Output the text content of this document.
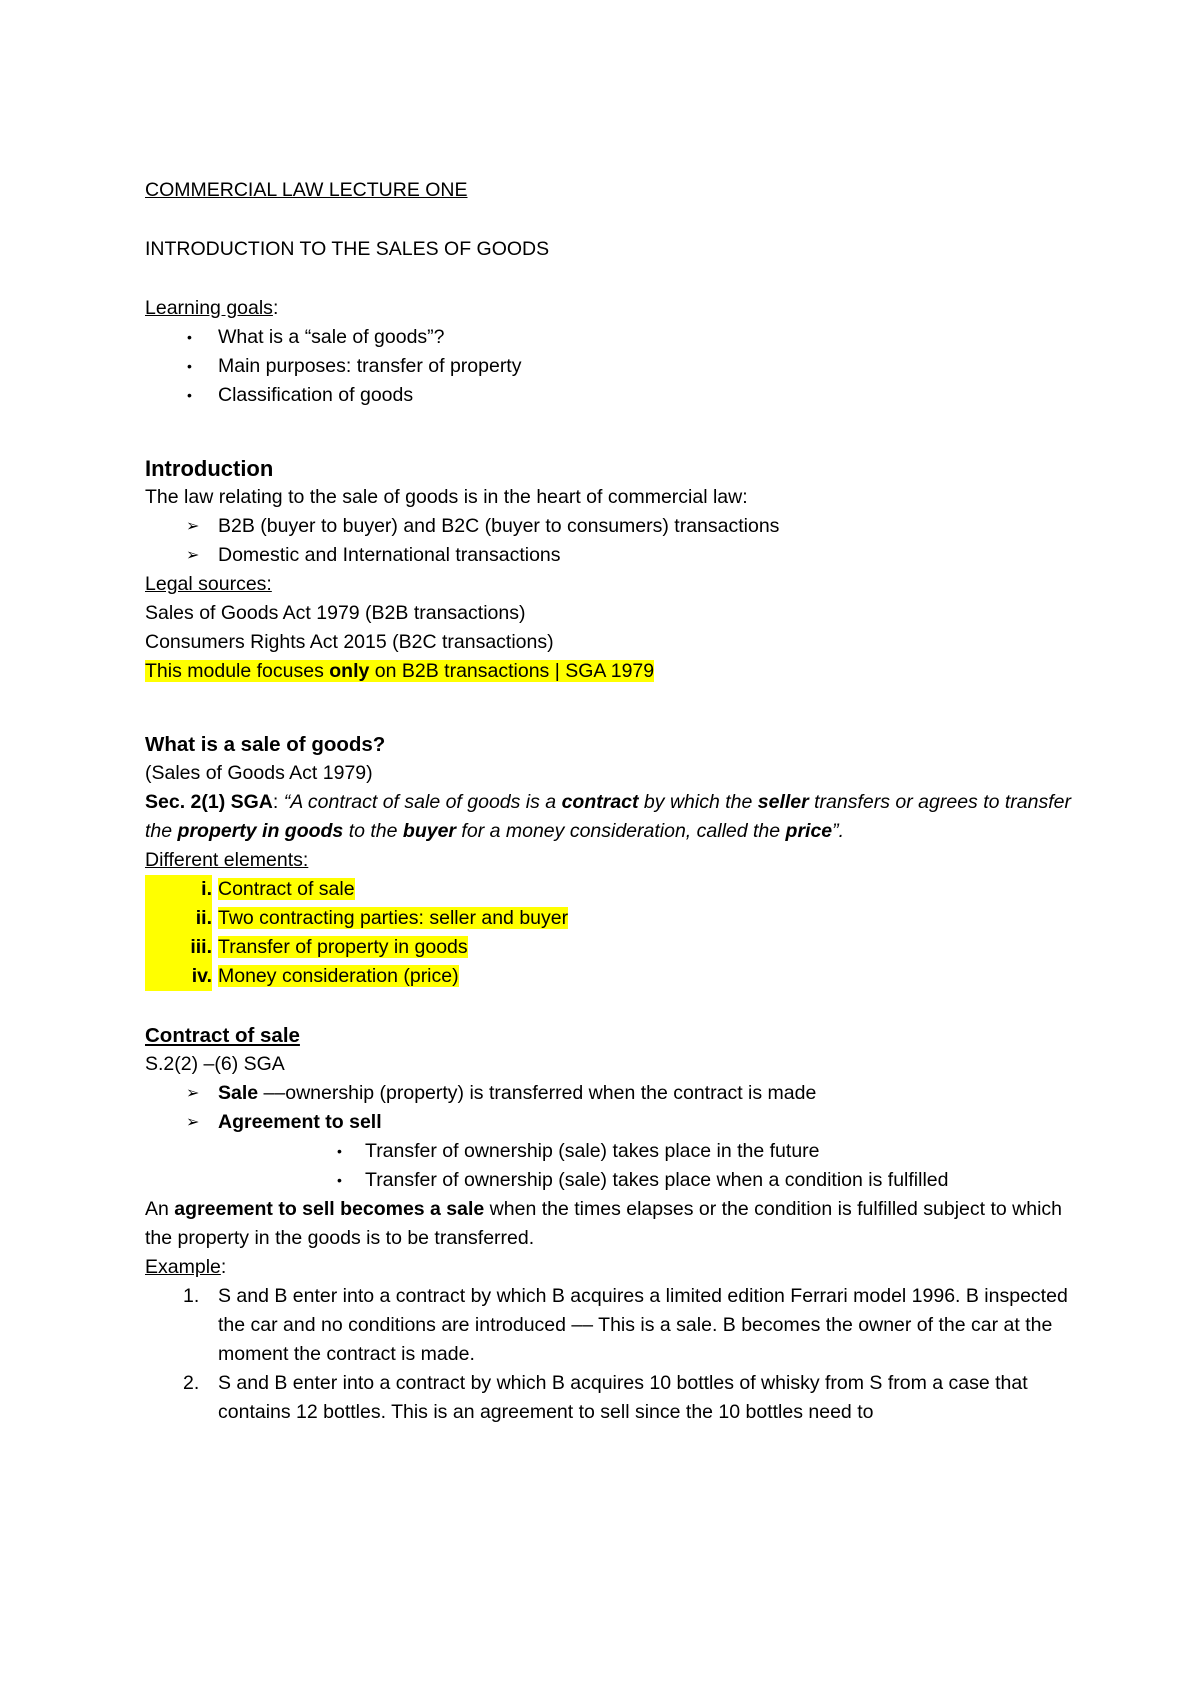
COMMERCIAL LAW LECTURE ONE

INTRODUCTION TO THE SALES OF GOODS

Learning goals:

• What is a “sale of goods”?
• Main purposes: transfer of property
• Classification of goods

Introduction

The law relating to the sale of goods is in the heart of commercial law:

➢ B2B (buyer to buyer) and B2C (buyer to consumers) transactions
➢ Domestic and International transactions

Legal sources:

Sales of Goods Act 1979 (B2B transactions)

Consumers Rights Act 2015 (B2C transactions)

This module focuses only on B2B transactions | SGA 1979

What is a sale of goods?

(Sales of Goods Act 1979)

Sec. 2(1) SGA: “A contract of sale of goods is a contract by which the seller transfers or agrees to transfer the property in goods to the buyer for a money consideration, called the price”.

Different elements:

i. Contract of sale
ii. Two contracting parties: seller and buyer
iii. Transfer of property in goods
iv. Money consideration (price)

Contract of sale

S.2(2) –(6) SGA

➢ Sale ––ownership (property) is transferred when the contract is made
➢ Agreement to sell
• Transfer of ownership (sale) takes place in the future
• Transfer of ownership (sale) takes place when a condition is fulfilled

An agreement to sell becomes a sale when the times elapses or the condition is fulfilled subject to which the property in the goods is to be transferred.

Example:

1. S and B enter into a contract by which B acquires a limited edition Ferrari model 1996. B inspected the car and no conditions are introduced –– This is a sale. B becomes the owner of the car at the moment the contract is made.
2. S and B enter into a contract by which B acquires 10 bottles of whisky from S from a case that contains 12 bottles. This is an agreement to sell since the 10 bottles need to
